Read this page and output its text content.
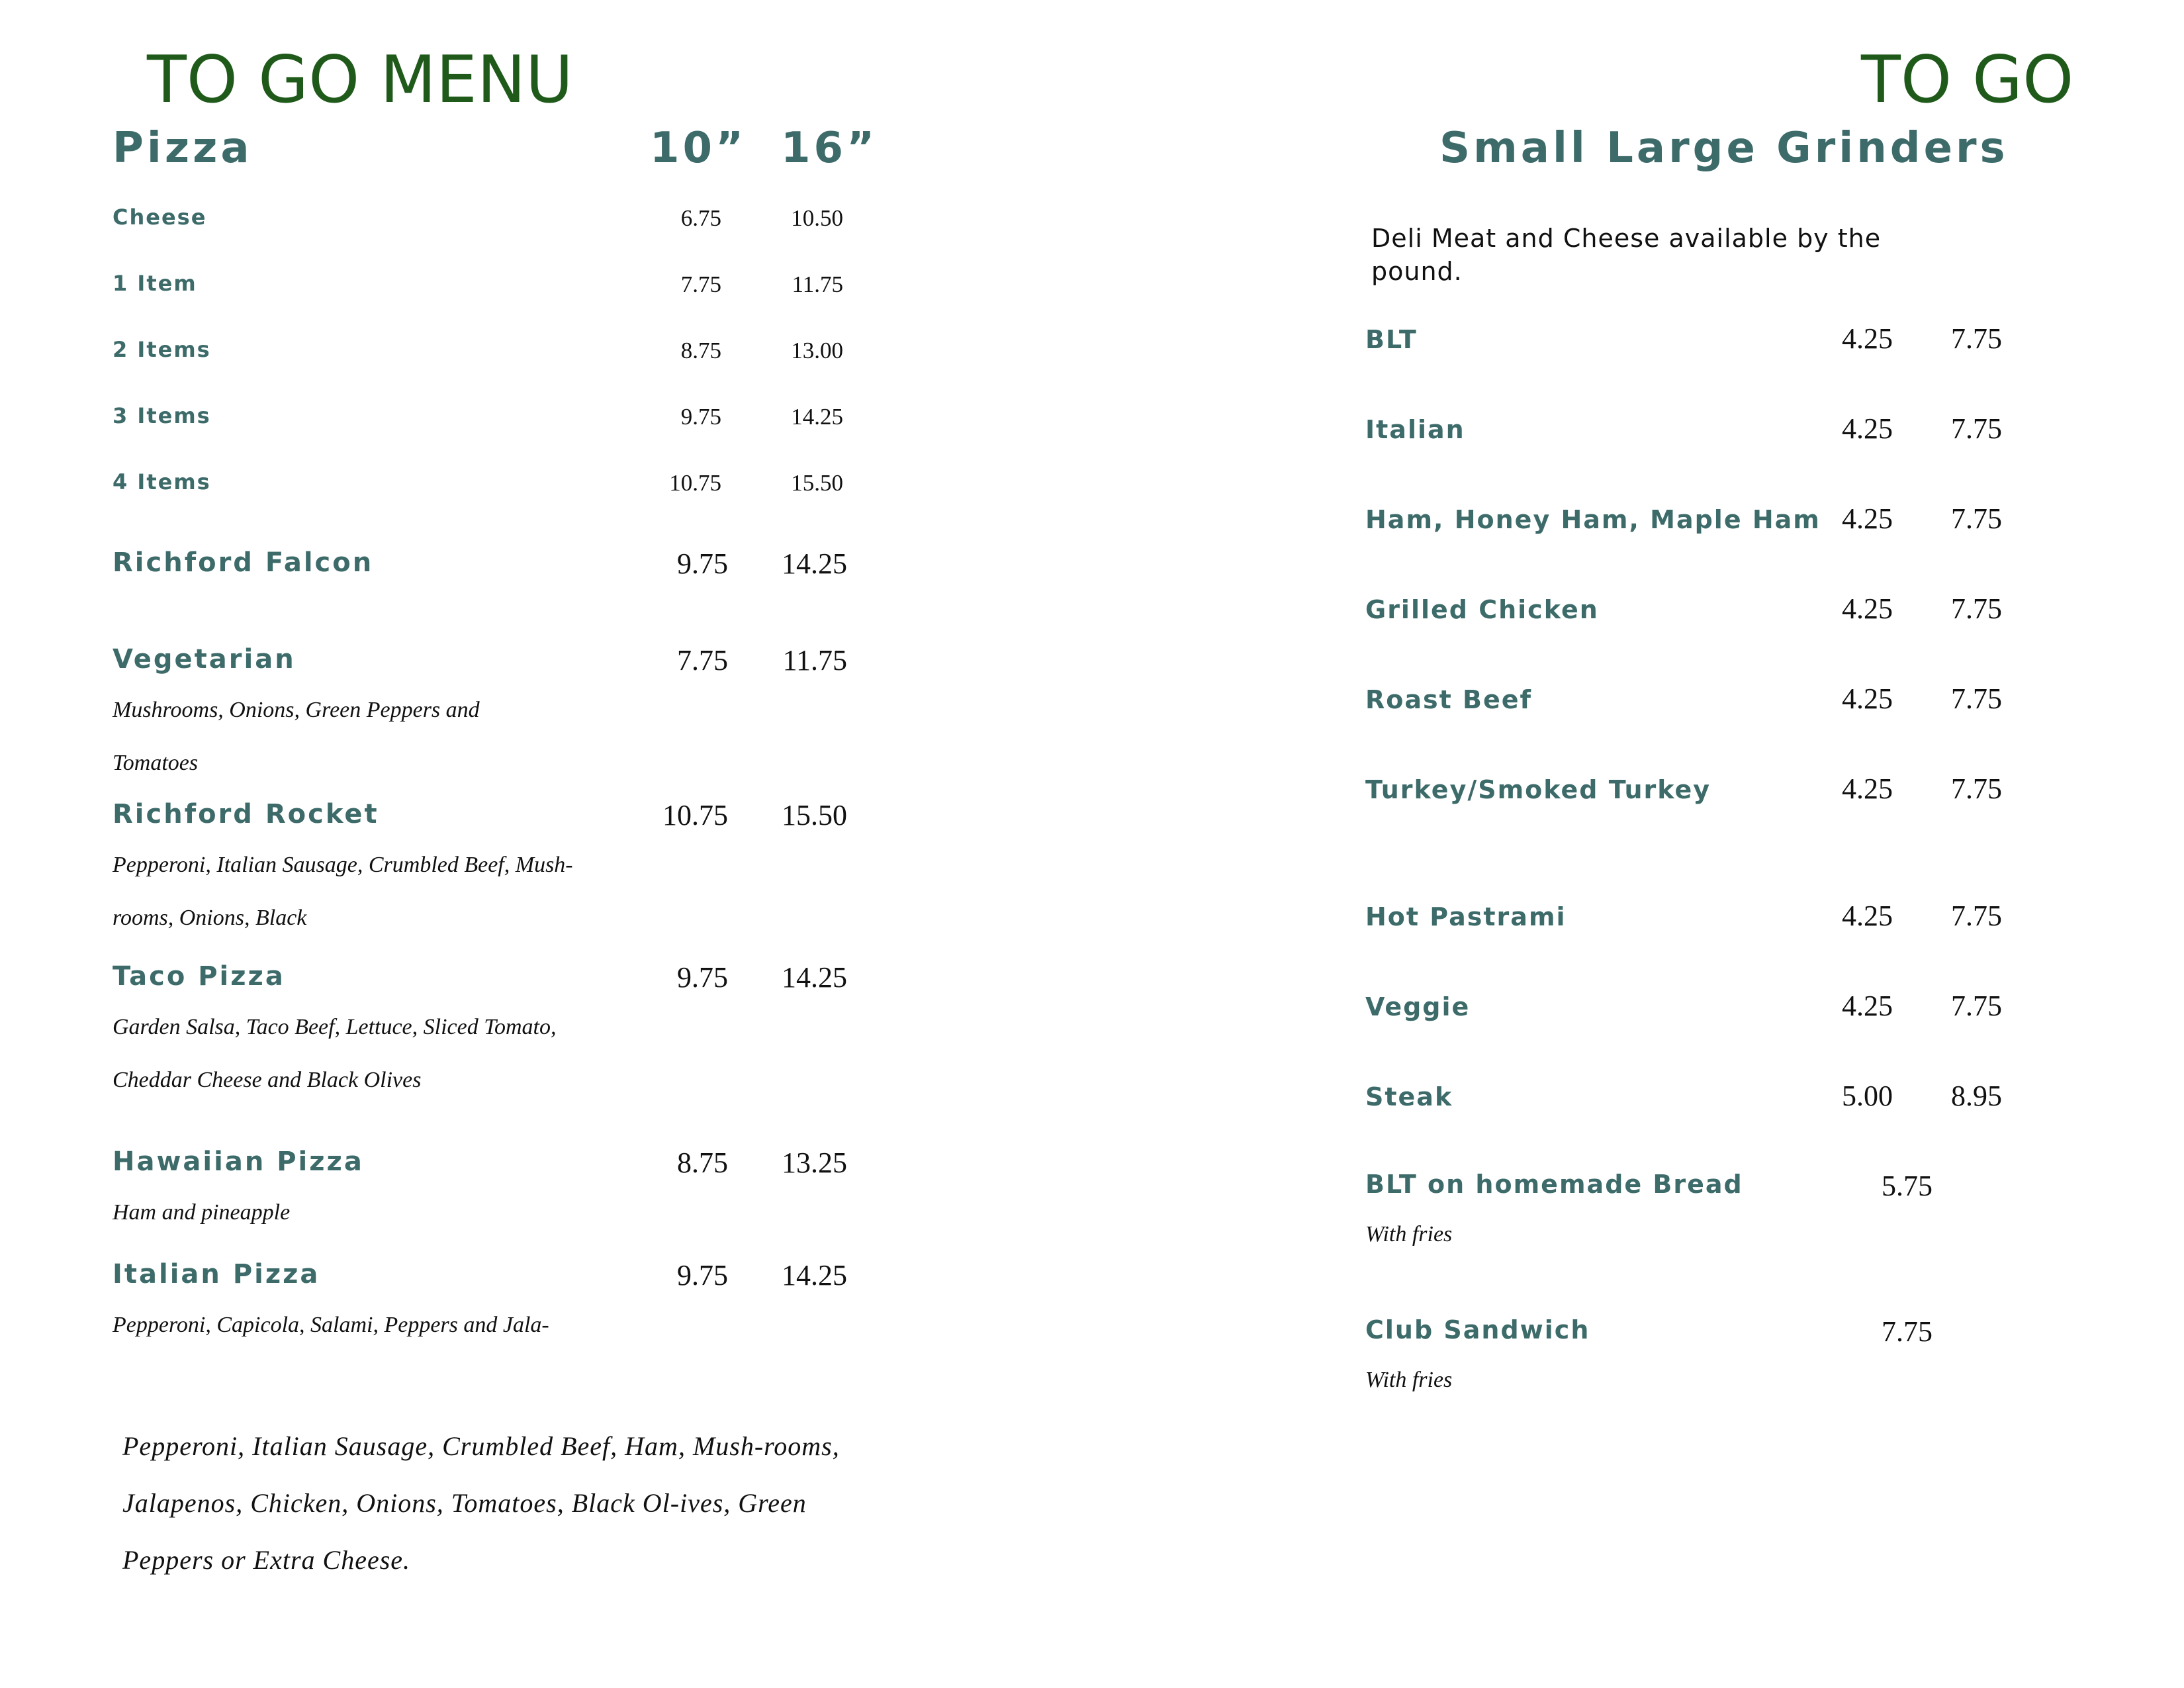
TO GO MENU
Pizza	10” 16”
Cheese	6.75	10.50
1 Item	7.75	11.75
2 Items	8.75	13.00
3 Items	9.75	14.25
4 Items	10.75	15.50
Richford Falcon	9.75	14.25
Vegetarian	7.75	11.75
Mushrooms, Onions, Green Peppers and
Tomatoes
Richford Rocket	10.75	15.50
Pepperoni, Italian Sausage, Crumbled Beef, Mush-
rooms, Onions, Black
Taco Pizza	9.75	14.25
Garden Salsa, Taco Beef, Lettuce, Sliced Tomato,
Cheddar Cheese and Black Olives
Hawaiian Pizza	8.75	13.25
Ham and pineapple
Italian Pizza	9.75	14.25
Pepperoni, Capicola, Salami, Peppers and Jala-
Pepperoni, Italian Sausage, Crumbled Beef, Ham, Mush-rooms, Jalapenos, Chicken, Onions, Tomatoes, Black Ol-ives, Green Peppers or Extra Cheese.
TO GO
Small Large Grinders
Deli Meat and Cheese available by the pound.
BLT	4.25	7.75
Italian	4.25	7.75
Ham, Honey Ham, Maple Ham 4.25	7.75
Grilled Chicken	4.25	7.75
Roast Beef	4.25	7.75
Turkey/Smoked Turkey	4.25	7.75
Hot Pastrami	4.25	7.75
Veggie	4.25	7.75
Steak	5.00	8.95
BLT on homemade Bread	5.75
With fries
Club Sandwich	7.75
With fries
